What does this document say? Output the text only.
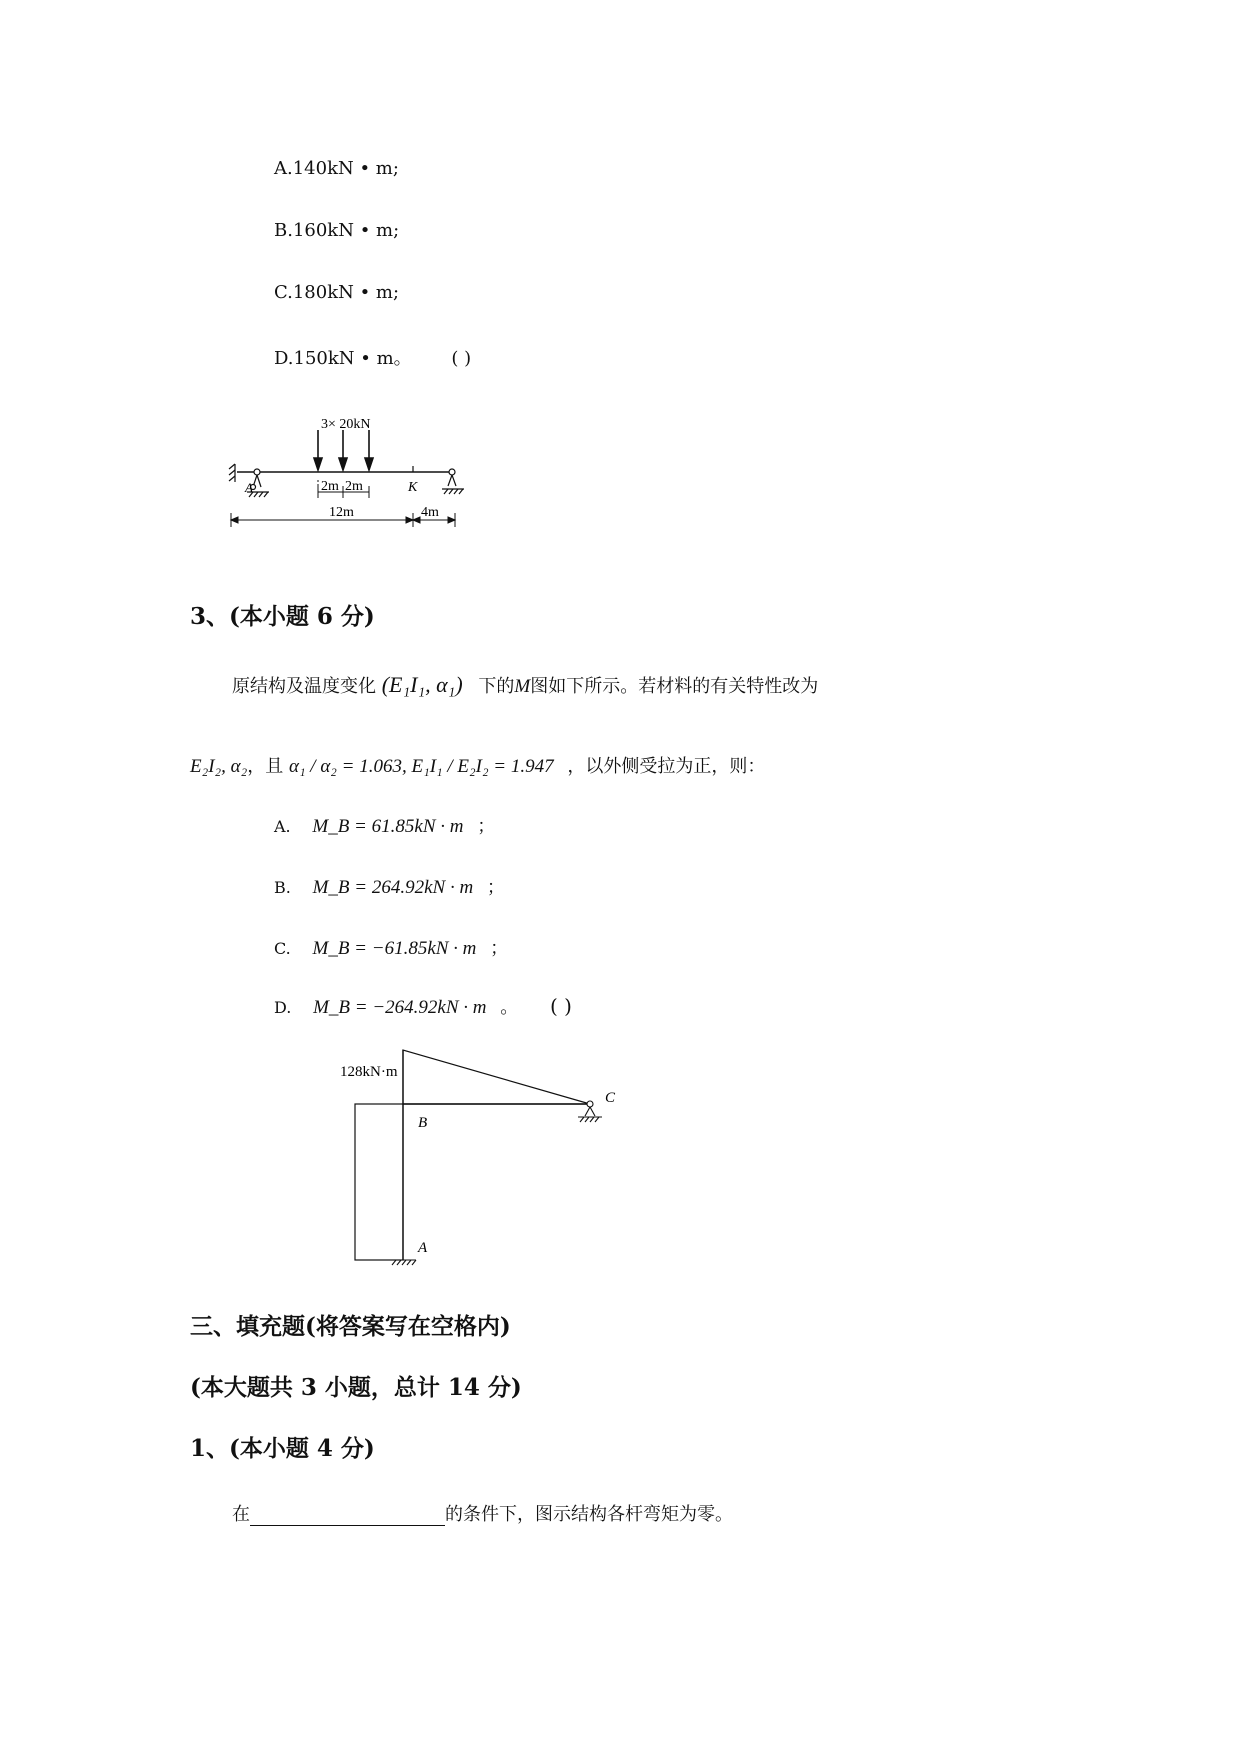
A.140kN • m;
B.160kN • m;
C.180kN • m;
D.150kN • m。 ( )
K
A
3× 20kN
2m 2m
12m	4m
3、(本小题 6 分)
原结构及温度变化 (E₁I₁, α₁) 下的M图如下所示。若材料的有关特性改为
E₂I₂, α₂，且 α₁ / α₂ = 1.063, E₁I₁ / E₂I₂ = 1.947 ，以外侧受拉为正，则：
A. M_B = 61.85kN · m ；
B. M_B = 264.92kN · m ；
C. M_B = −61.85kN · m ；
D. M_B = −264.92kN · m 。 ( )
128kN·m
B
C
A
三、填充题(将答案写在空格内)
(本大题共 3 小题，总计 14 分)
1、(本小题 4 分)
在	的条件下，图示结构各杆弯矩为零。
